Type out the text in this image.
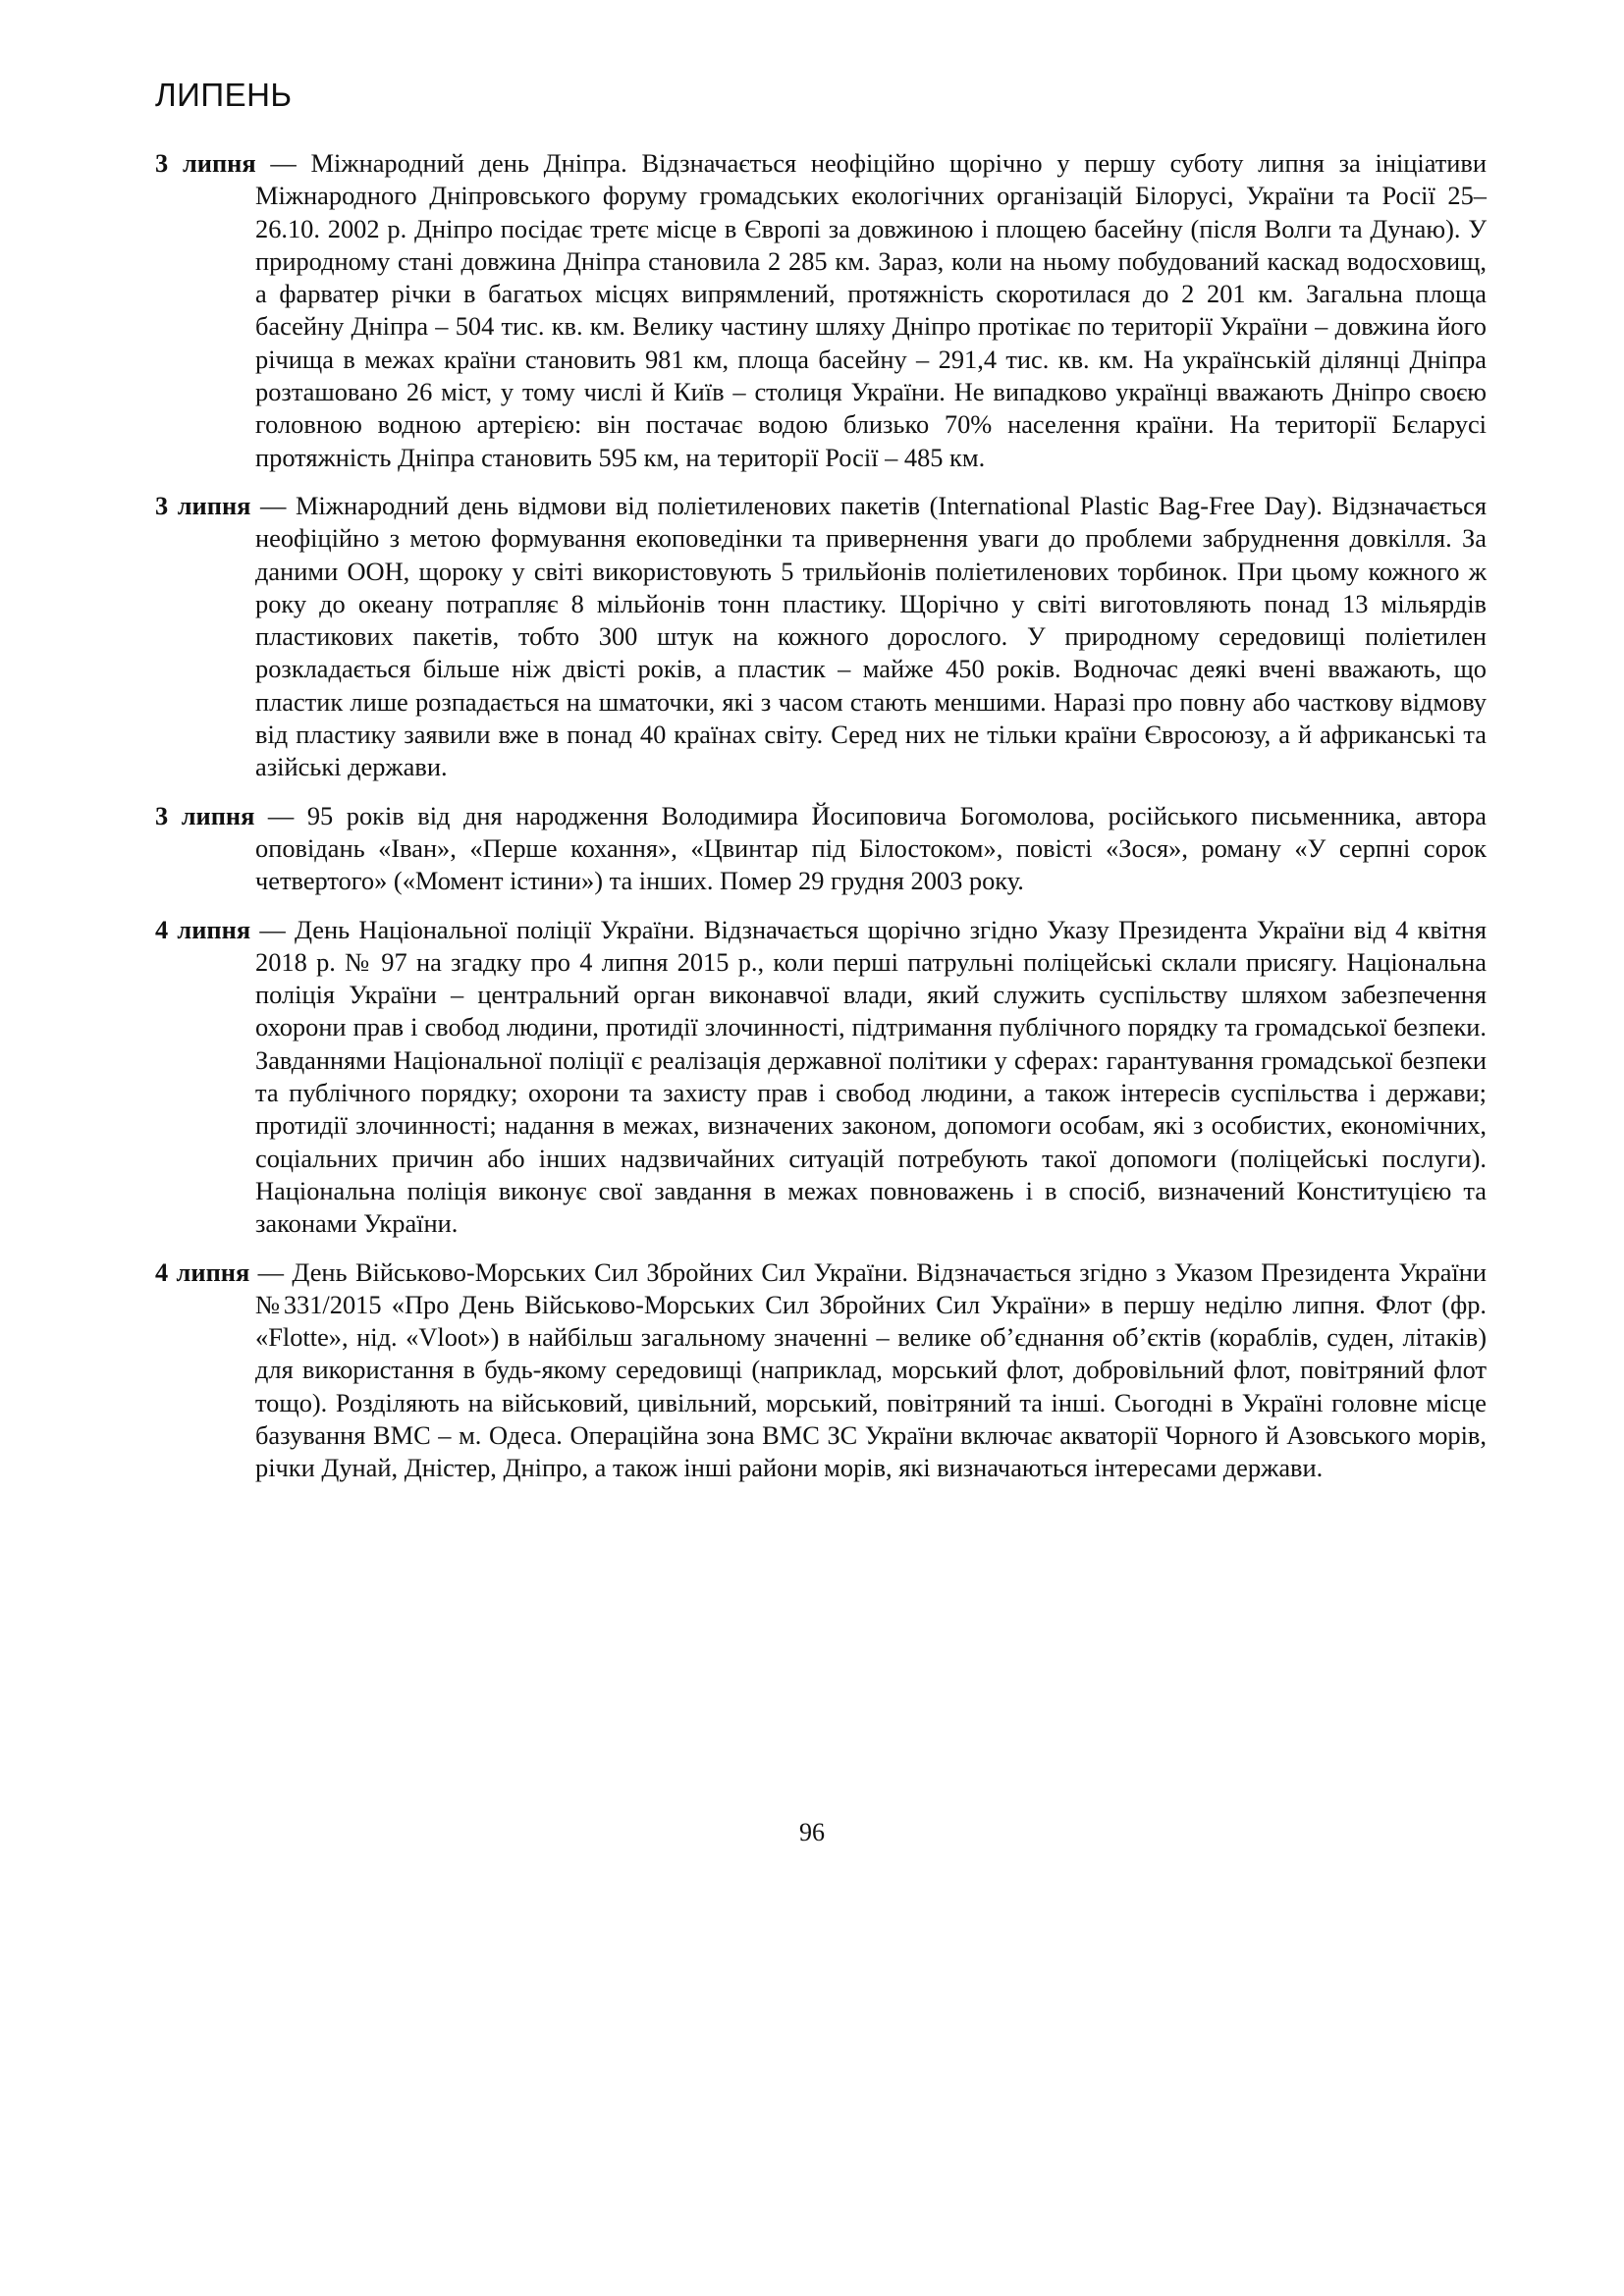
ЛИПЕНЬ

3 липня — Міжнародний день Дніпра. Відзначається неофіційно щорічно у першу суботу липня за ініціативи Міжнародного Дніпровського форуму громадських екологічних організацій Білорусі, України та Росії 25–26.10. 2002 р. Дніпро посідає третє місце в Європі за довжиною і площею басейну (після Волги та Дунаю). У природному стані довжина Дніпра становила 2 285 км. Зараз, коли на ньому побудований каскад водосховищ, а фарватер річки в багатьох місцях випрямлений, протяжність скоротилася до 2 201 км. Загальна площа басейну Дніпра – 504 тис. кв. км. Велику частину шляху Дніпро протікає по території України – довжина його річища в межах країни становить 981 км, площа басейну – 291,4 тис. кв. км. На українській ділянці Дніпра розташовано 26 міст, у тому числі й Київ – столиця України. Не випадково українці вважають Дніпро своєю головною водною артерією: він постачає водою близько 70% населення країни. На території Бєларусі протяжність Дніпра становить 595 км, на території Росії – 485 км.

3 липня — Міжнародний день відмови від поліетиленових пакетів (International Plastic Bag-Free Day). Відзначається неофіційно з метою формування екоповедінки та привернення уваги до проблеми забруднення довкілля. За даними ООН, щороку у світі використовують 5 трильйонів поліетиленових торбинок. При цьому кожного ж року до океану потрапляє 8 мільйонів тонн пластику. Щорічно у світі виготовляють понад 13 мільярдів пластикових пакетів, тобто 300 штук на кожного дорослого. У природному середовищі поліетилен розкладається більше ніж двісті років, а пластик – майже 450 років. Водночас деякі вчені вважають, що пластик лише розпадається на шматочки, які з часом стають меншими. Наразі про повну або часткову відмову від пластику заявили вже в понад 40 країнах світу. Серед них не тільки країни Євросоюзу, а й африканські та азійські держави.

3 липня — 95 років від дня народження Володимира Йосиповича Богомолова, російського письменника, автора оповідань «Іван», «Перше кохання», «Цвинтар під Білостоком», повісті «Зося», роману «У серпні сорок четвертого» («Момент істини») та інших. Помер 29 грудня 2003 року.

4 липня — День Національної поліції України. Відзначається щорічно згідно Указу Президента України від 4 квітня 2018 р. № 97 на згадку про 4 липня 2015 р., коли перші патрульні поліцейські склали присягу. Національна поліція України – центральний орган виконавчої влади, який служить суспільству шляхом забезпечення охорони прав і свобод людини, протидії злочинності, підтримання публічного порядку та громадської безпеки. Завданнями Національної поліції є реалізація державної політики у сферах: гарантування громадської безпеки та публічного порядку; охорони та захисту прав і свобод людини, а також інтересів суспільства і держави; протидії злочинності; надання в межах, визначених законом, допомоги особам, які з особистих, економічних, соціальних причин або інших надзвичайних ситуацій потребують такої допомоги (поліцейські послуги). Національна поліція виконує свої завдання в межах повноважень і в спосіб, визначений Конституцією та законами України.

4 липня — День Військово-Морських Сил Збройних Сил України. Відзначається згідно з Указом Президента України №331/2015 «Про День Військово-Морських Сил Збройних Сил України» в першу неділю липня. Флот (фр. «Flotte», нід. «Vloot») в найбільш загальному значенні – велике об’єднання об’єктів (кораблів, суден, літаків) для використання в будь-якому середовищі (наприклад, морський флот, добровільний флот, повітряний флот тощо). Розділяють на військовий, цивільний, морський, повітряний та інші. Сьогодні в Україні головне місце базування ВМС – м. Одеса. Операційна зона ВМС ЗС України включає акваторії Чорного й Азовського морів, річки Дунай, Дністер, Дніпро, а також інші райони морів, які визначаються інтересами держави.

96
